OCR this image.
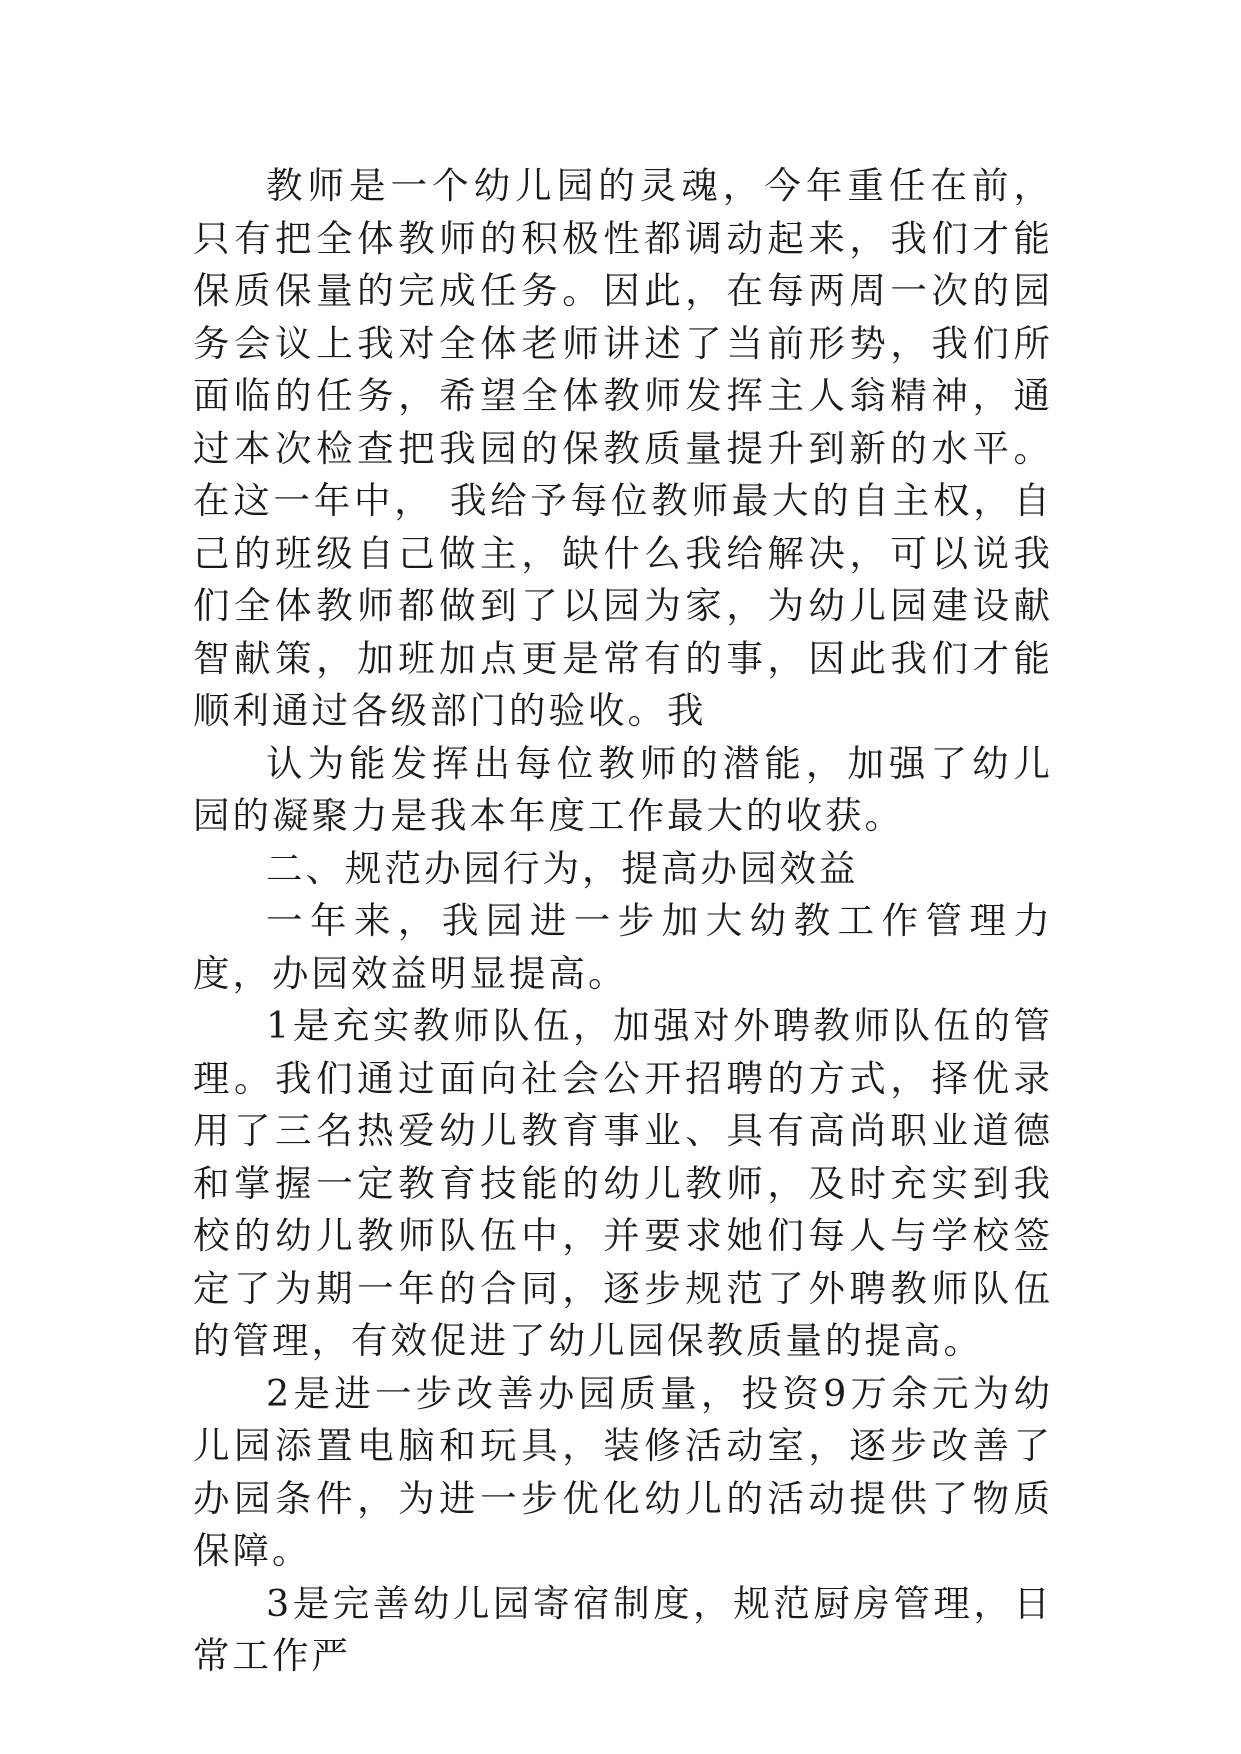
教师是一个幼儿园的灵魂，今年重任在前，只有把全体教师的积极性都调动起来，我们才能保质保量的完成任务。因此，在每两周一次的园务会议上我对全体老师讲述了当前形势，我们所面临的任务，希望全体教师发挥主人翁精神，通过本次检查把我园的保教质量提升到新的水平。在这一年中， 我给予每位教师最大的自主权，自己的班级自己做主，缺什么我给解决，可以说我们全体教师都做到了以园为家，为幼儿园建设献智献策，加班加点更是常有的事，因此我们才能顺利通过各级部门的验收。我

认为能发挥出每位教师的潜能，加强了幼儿园的凝聚力是我本年度工作最大的收获。

二、规范办园行为，提高办园效益

一年来，我园进一步加大幼教工作管理力度，办园效益明显提高。

1是充实教师队伍，加强对外聘教师队伍的管理。我们通过面向社会公开招聘的方式，择优录用了三名热爱幼儿教育事业、具有高尚职业道德和掌握一定教育技能的幼儿教师，及时充实到我校的幼儿教师队伍中，并要求她们每人与学校签定了为期一年的合同，逐步规范了外聘教师队伍的管理，有效促进了幼儿园保教质量的提高。

2是进一步改善办园质量，投资9万余元为幼儿园添置电脑和玩具，装修活动室，逐步改善了办园条件，为进一步优化幼儿的活动提供了物质保障。

3是完善幼儿园寄宿制度，规范厨房管理，日常工作严
